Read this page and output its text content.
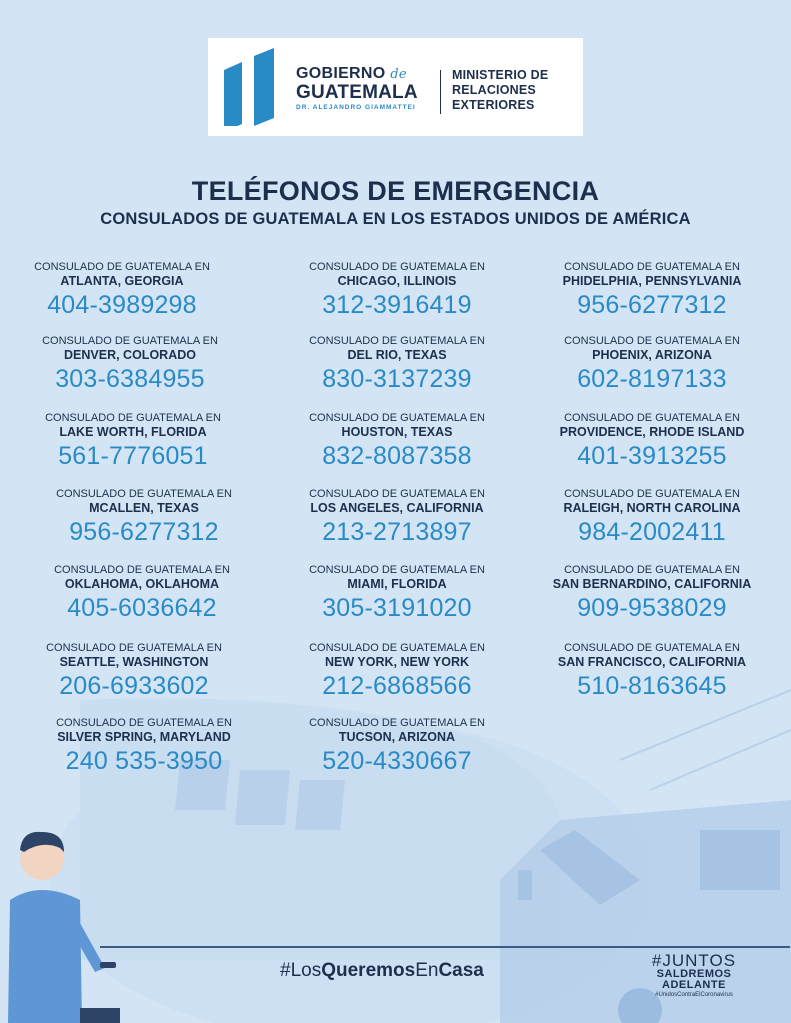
GOBIERNO de
GUATEMALA
DR. ALEJANDRO GIAMMATTEI
MINISTERIO DE
RELACIONES
EXTERIORES
TELÉFONOS DE EMERGENCIA
CONSULADOS DE GUATEMALA EN LOS ESTADOS UNIDOS DE AMÉRICA
CONSULADO DE GUATEMALA EN
ATLANTA, GEORGIA
404-3989298
CONSULADO DE GUATEMALA EN
DENVER, COLORADO
303-6384955
CONSULADO DE GUATEMALA EN
LAKE WORTH, FLORIDA
561-7776051
CONSULADO DE GUATEMALA EN
MCALLEN, TEXAS
956-6277312
CONSULADO DE GUATEMALA EN
OKLAHOMA, OKLAHOMA
405-6036642
CONSULADO DE GUATEMALA EN
SEATTLE, WASHINGTON
206-6933602
CONSULADO DE GUATEMALA EN
SILVER SPRING, MARYLAND
240 535-3950
CONSULADO DE GUATEMALA EN
CHICAGO, ILLINOIS
312-3916419
CONSULADO DE GUATEMALA EN
DEL RIO, TEXAS
830-3137239
CONSULADO DE GUATEMALA EN
HOUSTON, TEXAS
832-8087358
CONSULADO DE GUATEMALA EN
LOS ANGELES, CALIFORNIA
213-2713897
CONSULADO DE GUATEMALA EN
MIAMI, FLORIDA
305-3191020
CONSULADO DE GUATEMALA EN
NEW YORK, NEW YORK
212-6868566
CONSULADO DE GUATEMALA EN
TUCSON, ARIZONA
520-4330667
CONSULADO DE GUATEMALA EN
PHIDELPHIA, PENNSYLVANIA
956-6277312
CONSULADO DE GUATEMALA EN
PHOENIX, ARIZONA
602-8197133
CONSULADO DE GUATEMALA EN
PROVIDENCE, RHODE ISLAND
401-3913255
CONSULADO DE GUATEMALA EN
RALEIGH, NORTH CAROLINA
984-2002411
CONSULADO DE GUATEMALA EN
SAN BERNARDINO, CALIFORNIA
909-9538029
CONSULADO DE GUATEMALA EN
SAN FRANCISCO, CALIFORNIA
510-8163645
#LosQueremosEnCasa	#JUNTOS
SALDREMOS
ADELANTE
#UnidosContraElCoronavirus
